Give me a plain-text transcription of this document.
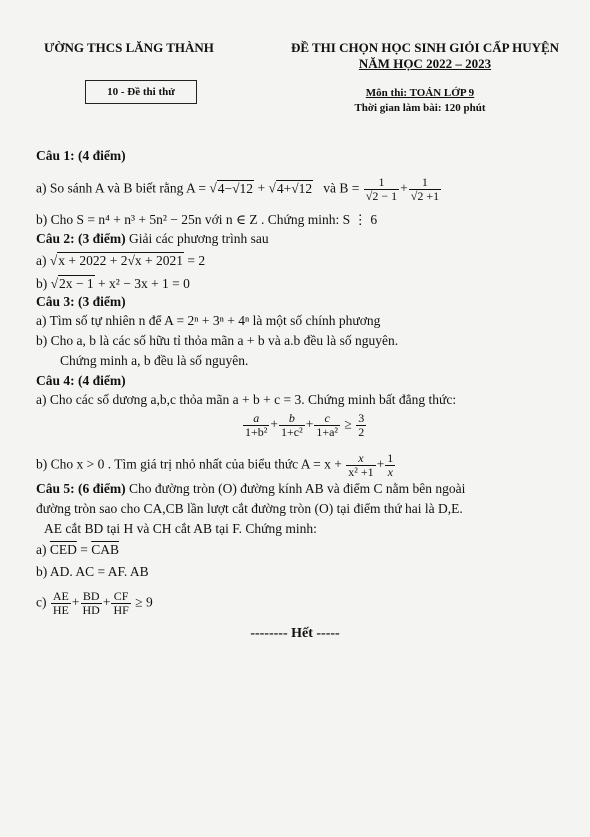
ƯỜNG THCS LĂNG THÀNH	ĐỀ THI CHỌN HỌC SINH GIỎI CẤP HUYỆN
NĂM HỌC 2022 – 2023
10 - Đề thi thử	Môn thi: TOÁN LỚP 9
Thời gian làm bài: 120 phút
Câu 1: (4 điểm)
a) So sánh A và B biết rằng A = √4−√12 + √4+√12 và $B = \frac{1}{√2 - 1} + \frac{1}{√2 +1}$
b) Cho S = n⁴ + n³ + 5n² − 25n với n ∈ Z . Chứng minh: S ⋮ 6
Câu 2: (3 điểm) Giải các phương trình sau
a) √x + 2022 + 2√x + 2021 = 2
b) √2x − 1 + x² − 3x + 1 = 0
Câu 3: (3 điểm)
a) Tìm số tự nhiên n để A = 2ⁿ + 3ⁿ + 4ⁿ là một số chính phương
b) Cho a, b là các số hữu tỉ thỏa mãn a + b và a.b đều là số nguyên.
Chứng minh a, b đều là số nguyên.
Câu 4: (4 điểm)
a) Cho các số dương a,b,c thỏa mãn a + b + c = 3. Chứng minh bất đẳng thức:
$\frac{a}{\text{1+b²}} + \frac{b}{\text{1+c²}} + \frac{c}{\text{1+a²}} \ge \frac{3}{2}$
b) Cho x > 0 . Tìm giá trị nhỏ nhất của biểu thức $A = x + \frac{x}{\text{x² +1}} + \frac{1}{x}$
Câu 5: (6 điểm) Cho đường tròn (O) đường kính AB và điểm C nằm bên ngoài
đường tròn sao cho CA,CB lần lượt cắt đường tròn (O) tại điểm thứ hai là D,E.
AE cắt BD tại H và CH cắt AB tại F. Chứng minh:
a) $\overline{CED} = \overline{CAB}$
b) AD. AC = AF. AB
$c) \frac{AE}{HE} + \frac{BD}{HD} + \frac{CF}{HF} \ge 9$
-------- Hết -----
